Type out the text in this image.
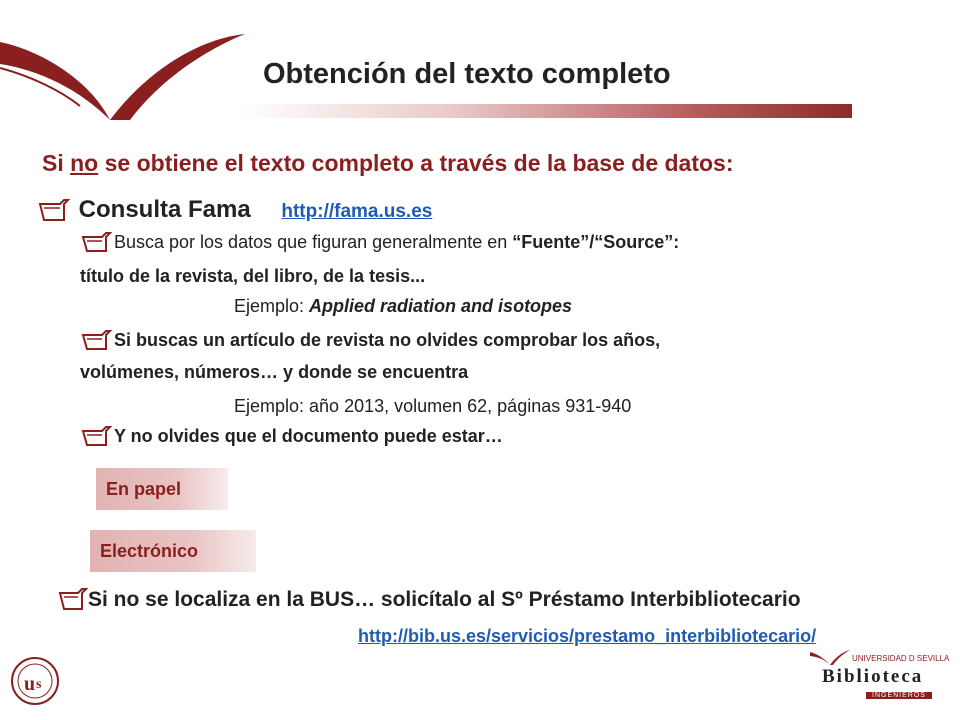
Obtención del texto completo
Si no se obtiene el texto completo a través de la base de datos:
Consulta Fama http://fama.us.es
Busca por los datos que figuran generalmente en “Fuente”/“Source”:
título de la revista, del libro, de la tesis...
Ejemplo: Applied radiation and isotopes
Si buscas un artículo de revista no olvides comprobar los años,
volúmenes, números… y donde se encuentra
Ejemplo: año 2013, volumen 62, páginas 931-940
Y no olvides que el documento puede estar…
En papel
Electrónico
Si no se localiza en la BUS… solicítalo al Sº Préstamo Interbibliotecario
http://bib.us.es/servicios/prestamo_interbibliotecario/
u s
UNIVERSIDAD D SEVILLA
Biblioteca
INGENIEROS
